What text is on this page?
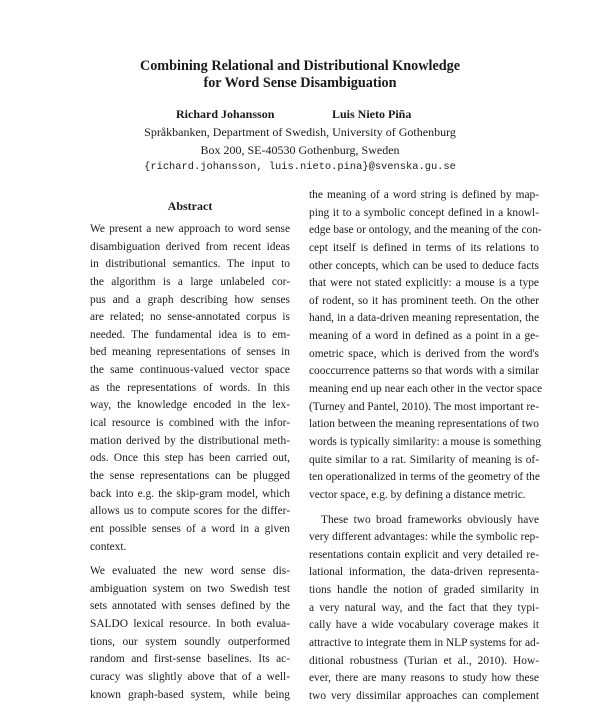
Combining Relational and Distributional Knowledge
for Word Sense Disambiguation
Richard Johansson	Luis Nieto Piña
Språkbanken, Department of Swedish, University of Gothenburg
Box 200, SE-40530 Gothenburg, Sweden
{richard.johansson, luis.nieto.pina}@svenska.gu.se
Abstract
We present a new approach to word sense
disambiguation derived from recent ideas
in distributional semantics. The input to
the algorithm is a large unlabeled cor-
pus and a graph describing how senses
are related; no sense-annotated corpus is
needed. The fundamental idea is to em-
bed meaning representations of senses in
the same continuous-valued vector space
as the representations of words. In this
way, the knowledge encoded in the lex-
ical resource is combined with the infor-
mation derived by the distributional meth-
ods. Once this step has been carried out,
the sense representations can be plugged
back into e.g. the skip-gram model, which
allows us to compute scores for the differ-
ent possible senses of a word in a given
context.
We evaluated the new word sense dis-
ambiguation system on two Swedish test
sets annotated with senses defined by the
SALDO lexical resource. In both evalua-
tions, our system soundly outperformed
random and first-sense baselines. Its ac-
curacy was slightly above that of a well-
known graph-based system, while being
the meaning of a word string is defined by map-
ping it to a symbolic concept defined in a knowl-
edge base or ontology, and the meaning of the con-
cept itself is defined in terms of its relations to
other concepts, which can be used to deduce facts
that were not stated explicitly: a mouse is a type
of rodent, so it has prominent teeth. On the other
hand, in a data-driven meaning representation, the
meaning of a word in defined as a point in a ge-
ometric space, which is derived from the word's
cooccurrence patterns so that words with a similar
meaning end up near each other in the vector space
(Turney and Pantel, 2010). The most important re-
lation between the meaning representations of two
words is typically similarity: a mouse is something
quite similar to a rat. Similarity of meaning is of-
ten operationalized in terms of the geometry of the
vector space, e.g. by defining a distance metric.
These two broad frameworks obviously have
very different advantages: while the symbolic rep-
resentations contain explicit and very detailed re-
lational information, the data-driven representa-
tions handle the notion of graded similarity in
a very natural way, and the fact that they typi-
cally have a wide vocabulary coverage makes it
attractive to integrate them in NLP systems for ad-
ditional robustness (Turian et al., 2010). How-
ever, there are many reasons to study how these
two very dissimilar approaches can complement
